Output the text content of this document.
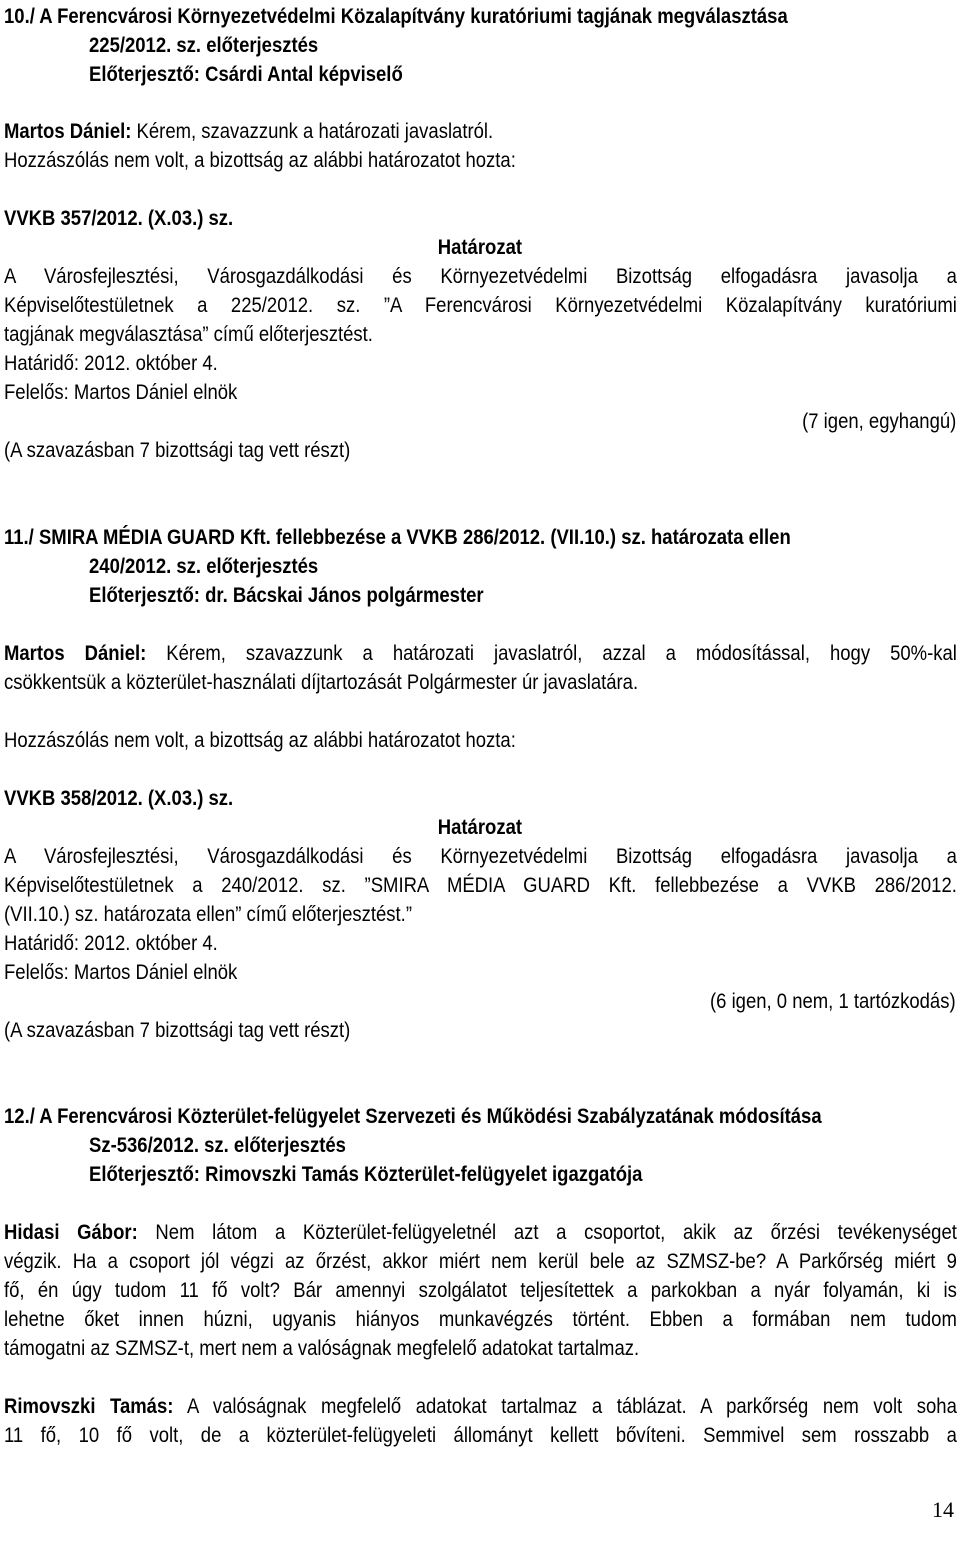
10./ A Ferencvárosi Környezetvédelmi Közalapítvány kuratóriumi tagjának megválasztása
225/2012. sz. előterjesztés
Előterjesztő: Csárdi Antal képviselő
Martos Dániel: Kérem, szavazzunk a határozati javaslatról.
Hozzászólás nem volt, a bizottság az alábbi határozatot hozta:
VVKB 357/2012. (X.03.) sz.
Határozat
A Városfejlesztési, Városgazdálkodási és Környezetvédelmi Bizottság elfogadásra javasolja a
Képviselőtestületnek a 225/2012. sz. ”A Ferencvárosi Környezetvédelmi Közalapítvány kuratóriumi
tagjának megválasztása” című előterjesztést.
Határidő: 2012. október 4.
Felelős: Martos Dániel elnök
(7 igen, egyhangú)
(A szavazásban 7 bizottsági tag vett részt)
11./ SMIRA MÉDIA GUARD Kft. fellebbezése a VVKB 286/2012. (VII.10.) sz. határozata ellen
240/2012. sz. előterjesztés
Előterjesztő: dr. Bácskai János polgármester
Martos Dániel: Kérem, szavazzunk a határozati javaslatról, azzal a módosítással, hogy 50%-kal
csökkentsük a közterület-használati díjtartozását Polgármester úr javaslatára.
Hozzászólás nem volt, a bizottság az alábbi határozatot hozta:
VVKB 358/2012. (X.03.) sz.
Határozat
A Városfejlesztési, Városgazdálkodási és Környezetvédelmi Bizottság elfogadásra javasolja a
Képviselőtestületnek a 240/2012. sz. ”SMIRA MÉDIA GUARD Kft. fellebbezése a VVKB 286/2012.
(VII.10.) sz. határozata ellen” című előterjesztést.”
Határidő: 2012. október 4.
Felelős: Martos Dániel elnök
(6 igen, 0 nem, 1 tartózkodás)
(A szavazásban 7 bizottsági tag vett részt)
12./ A Ferencvárosi Közterület-felügyelet Szervezeti és Működési Szabályzatának módosítása
Sz-536/2012. sz. előterjesztés
Előterjesztő: Rimovszki Tamás Közterület-felügyelet igazgatója
Hidasi Gábor: Nem látom a Közterület-felügyeletnél azt a csoportot, akik az őrzési tevékenységet
végzik. Ha a csoport jól végzi az őrzést, akkor miért nem kerül bele az SZMSZ-be? A Parkőrség miért 9
fő, én úgy tudom 11 fő volt? Bár amennyi szolgálatot teljesítettek a parkokban a nyár folyamán, ki is
lehetne őket innen húzni, ugyanis hiányos munkavégzés történt. Ebben a formában nem tudom
támogatni az SZMSZ-t, mert nem a valóságnak megfelelő adatokat tartalmaz.
Rimovszki Tamás: A valóságnak megfelelő adatokat tartalmaz a táblázat. A parkőrség nem volt soha
11 fő, 10 fő volt, de a közterület-felügyeleti állományt kellett bővíteni. Semmivel sem rosszabb a
14
